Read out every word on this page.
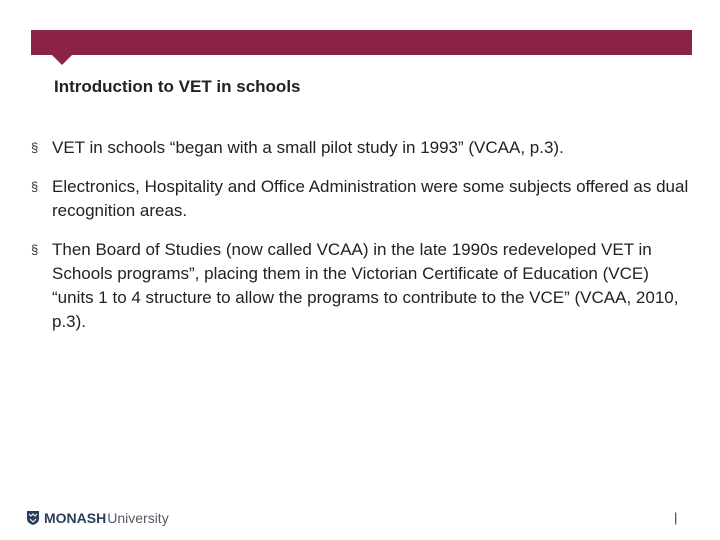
Introduction to VET in schools
§ VET in schools “began with a small pilot study in 1993” (VCAA, p.3).
§ Electronics, Hospitality and Office Administration were some subjects offered as dual recognition areas.
§ Then Board of Studies (now called VCAA) in the late 1990s redeveloped VET in Schools programs”, placing them in the Victorian Certificate of Education (VCE) “units 1 to 4 structure to allow the programs to contribute to the VCE” (VCAA, 2010, p.3).
MONASH University	|
